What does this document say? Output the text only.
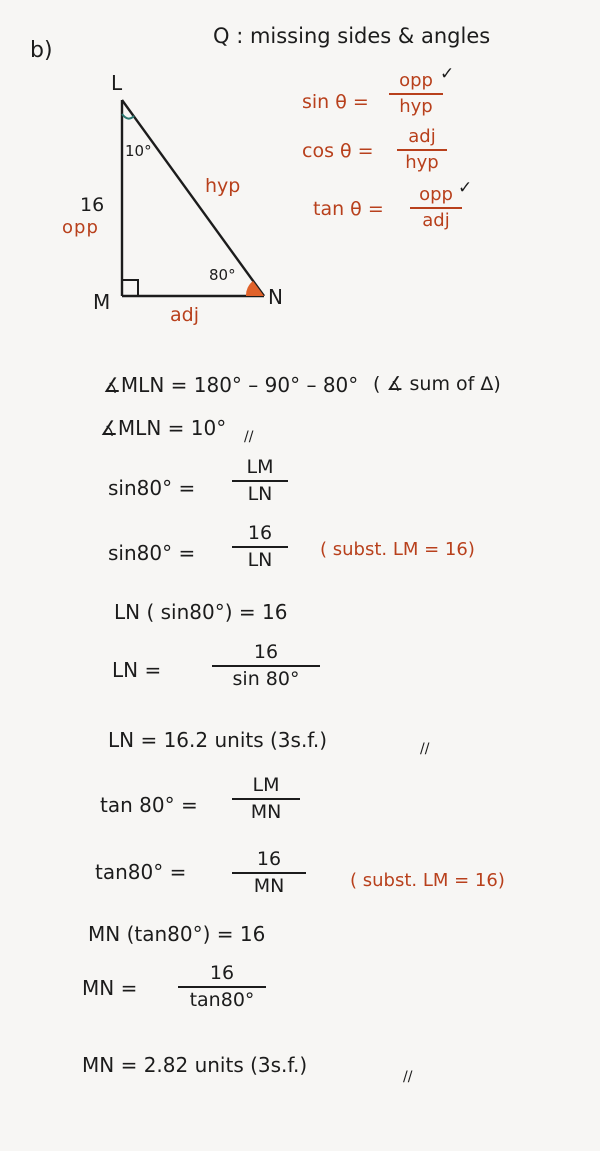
b)
Q : missing sides & angles
L
M	N
10°
80°
16
opp
hyp
adj
sin θ =
opp
hyp
✓
cos θ =
adj
hyp
tan θ =
opp
adj
✓
∡MLN = 180° – 90° – 80° ( ∡ sum of Δ)
∡MLN = 10° //
$\sin 80^\circ = \frac{LM}{LN}$
$\sin 80^\circ = \frac{16}{LN}$ ( subst. LM = 16)
LN ( sin80°) = 16
LN =	$\frac{16}{\sin 80^\circ}$
LN = 16.2 units (3s.f.)	//
$\tan 80^\circ = \frac{LM}{MN}$
$\tan 80^\circ = \frac{16}{MN}$ ( subst. LM = 16)
MN (tan80°) = 16
MN = $\frac{16}{\tan 80^\circ}$
MN = 2.82 units (3s.f.)	//
